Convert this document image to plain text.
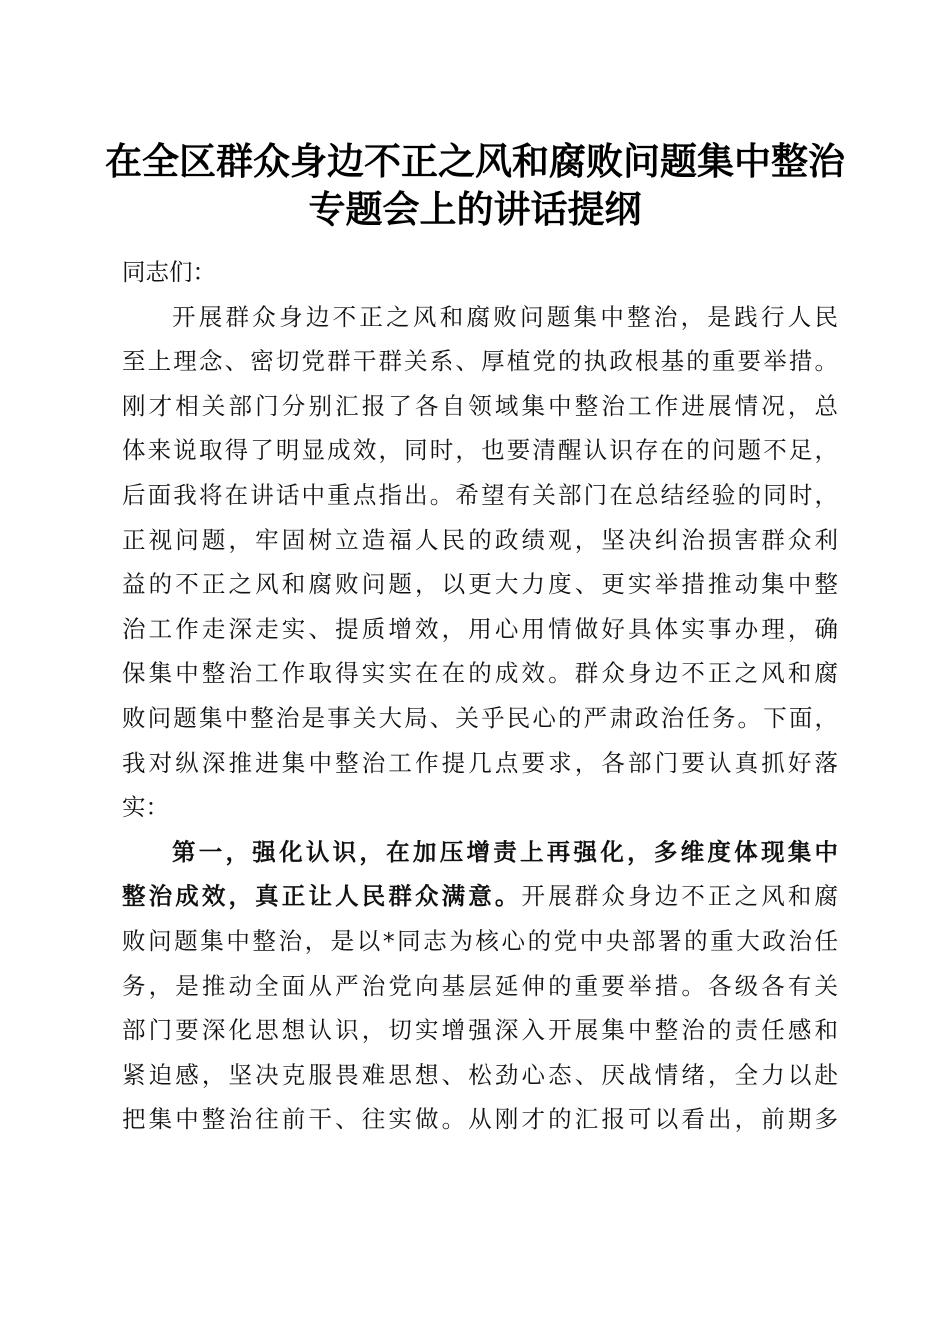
在全区群众身边不正之风和腐败问题集中整治
专题会上的讲话提纲
同志们：
开展群众身边不正之风和腐败问题集中整治，是践行人民
至上理念、密切党群干群关系、厚植党的执政根基的重要举措。
刚才相关部门分别汇报了各自领域集中整治工作进展情况，总
体来说取得了明显成效，同时，也要清醒认识存在的问题不足，
后面我将在讲话中重点指出。希望有关部门在总结经验的同时，
正视问题，牢固树立造福人民的政绩观，坚决纠治损害群众利
益的不正之风和腐败问题，以更大力度、更实举措推动集中整
治工作走深走实、提质增效，用心用情做好具体实事办理，确
保集中整治工作取得实实在在的成效。群众身边不正之风和腐
败问题集中整治是事关大局、关乎民心的严肃政治任务。下面，
我对纵深推进集中整治工作提几点要求，各部门要认真抓好落
实：
第一，强化认识，在加压增责上再强化，多维度体现集中
整治成效，真正让人民群众满意。开展群众身边不正之风和腐
败问题集中整治，是以*同志为核心的党中央部署的重大政治任
务，是推动全面从严治党向基层延伸的重要举措。各级各有关
部门要深化思想认识，切实增强深入开展集中整治的责任感和
紧迫感，坚决克服畏难思想、松劲心态、厌战情绪，全力以赴
把集中整治往前干、往实做。从刚才的汇报可以看出，前期多
